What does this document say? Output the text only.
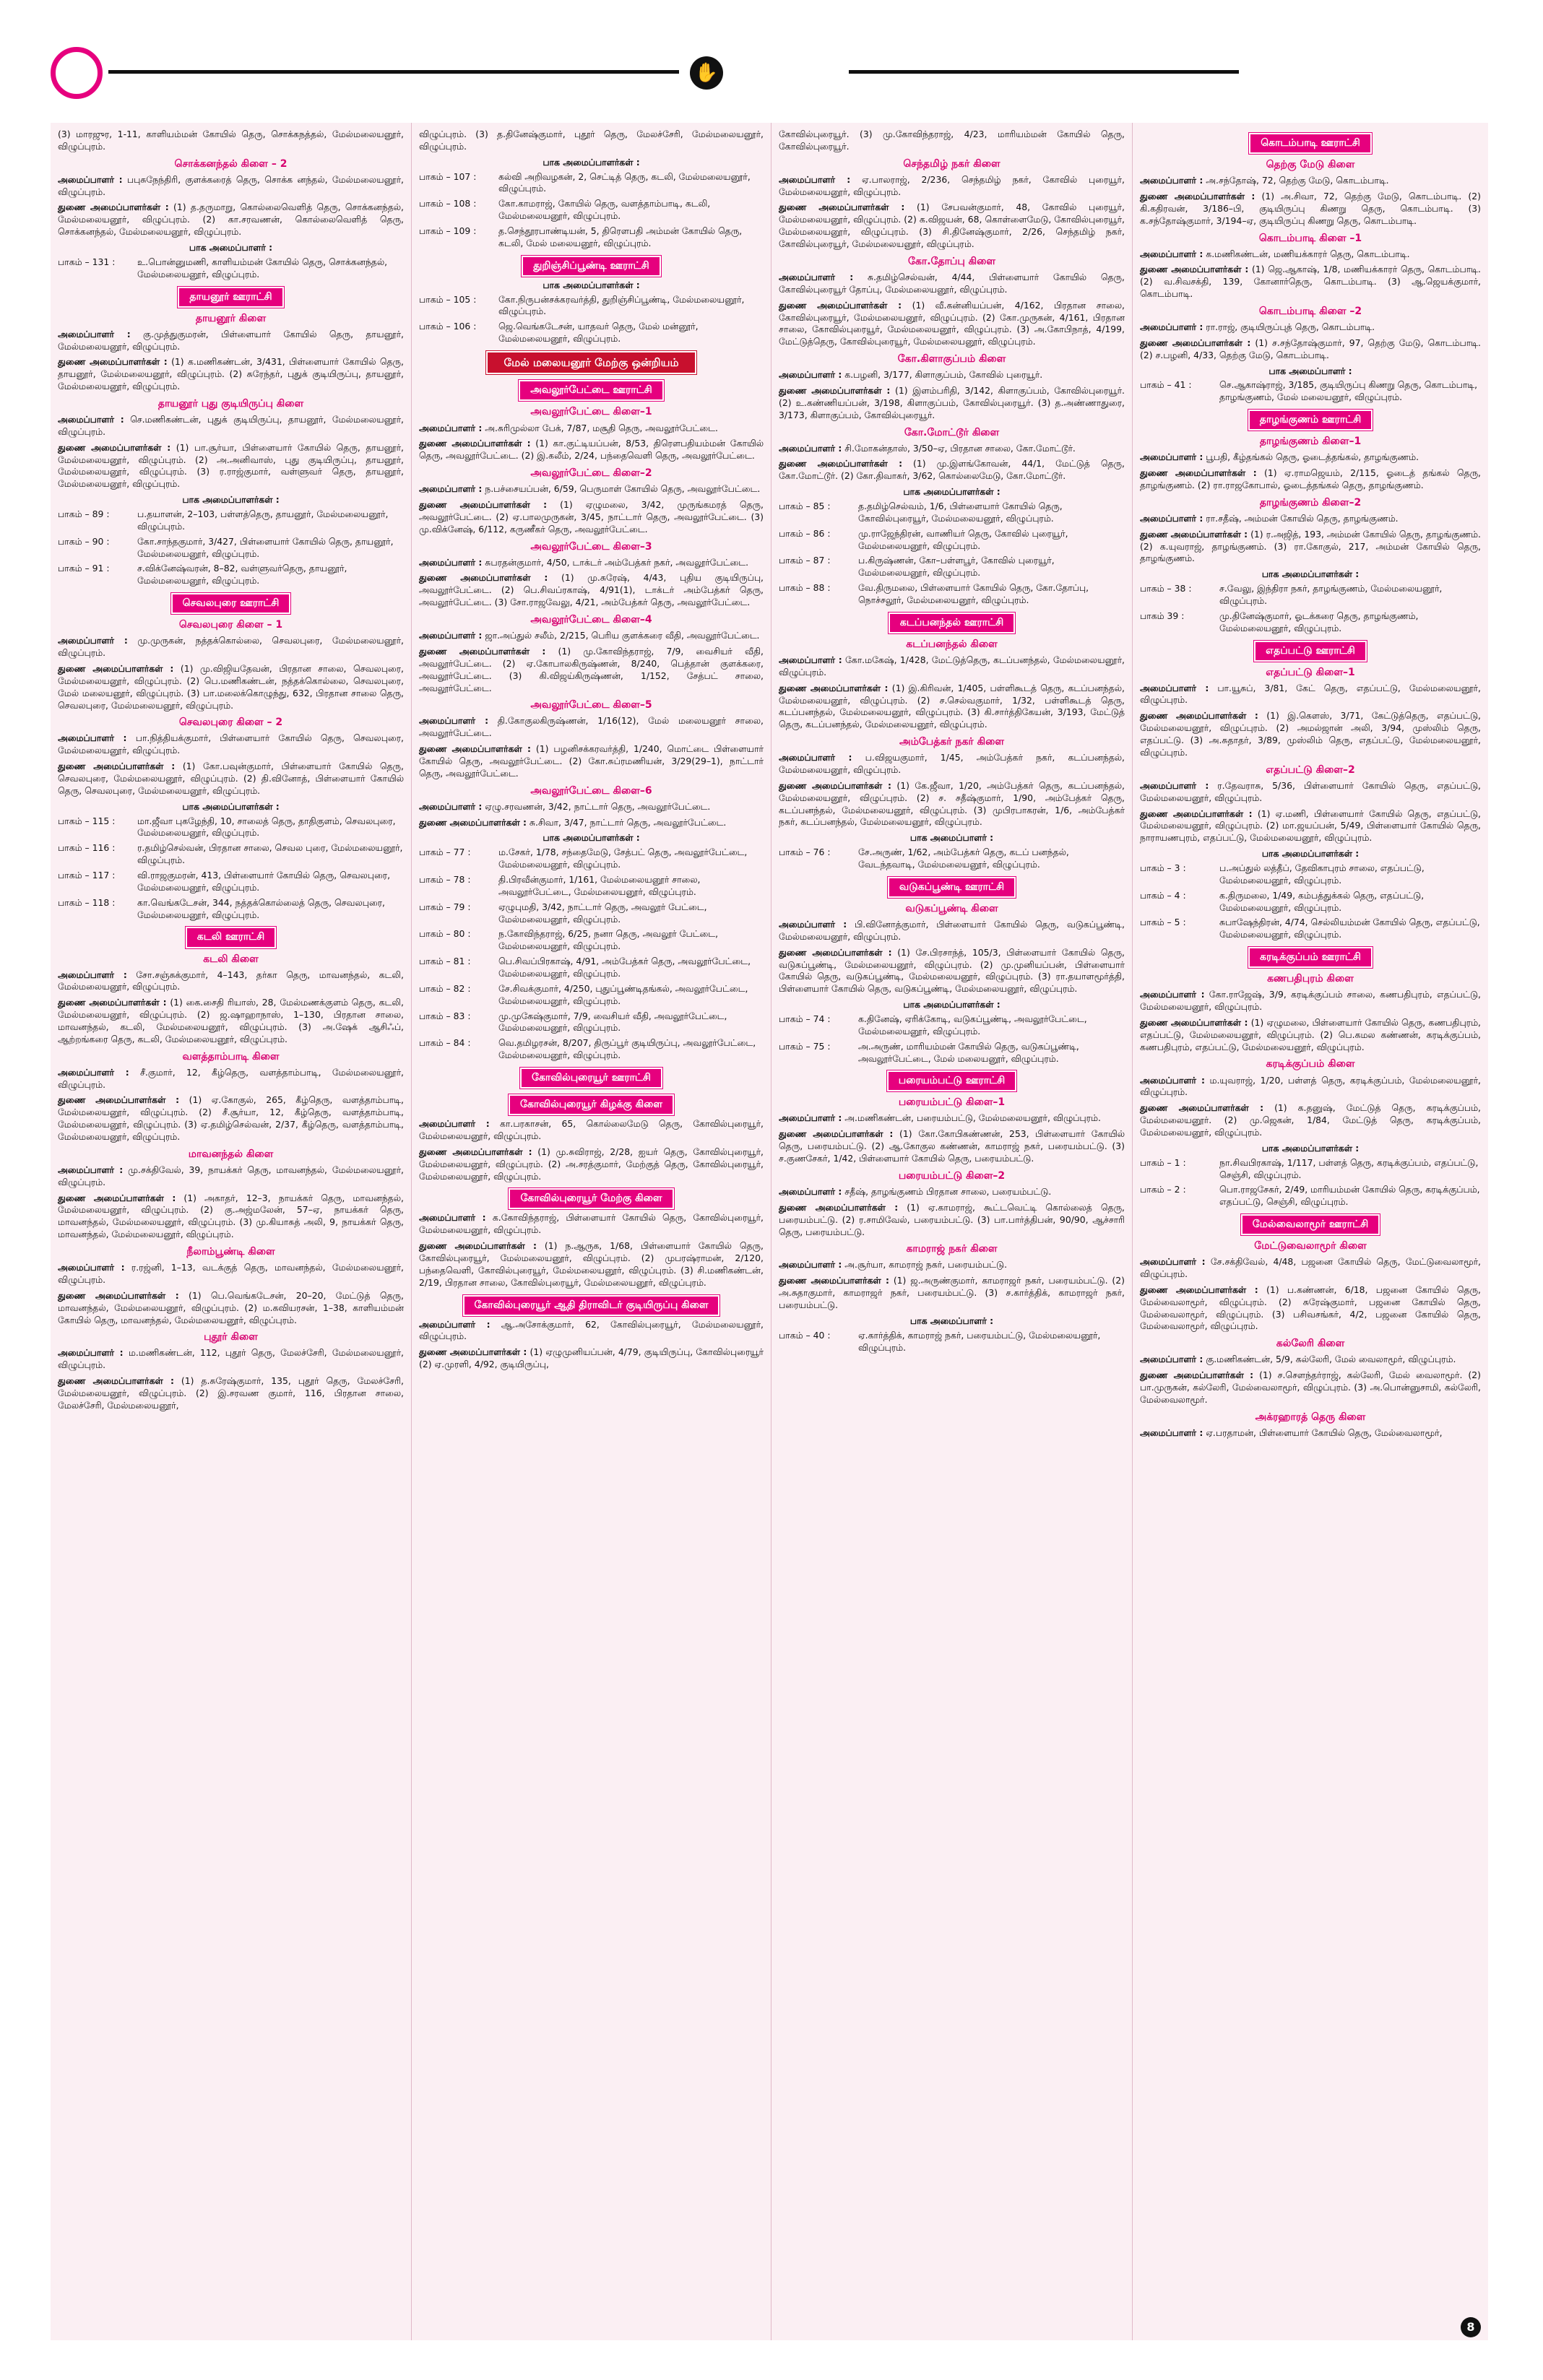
✋
(3) மாரஜுர, 1-11, காளியம்மன் கோயில் தெரு, சொக்கநத்தல், மேல்மலையனூர், விழுப்புரம்.
சொக்கனந்தல் கிளை – 2
அமைப்பாளர் : பபுசுநேந்திரி, குளக்கரைத் தெரு, சொக்க னந்தல், மேல்மலையனூர், விழுப்புரம்.
துணை அமைப்பாளர்கள் : (1) த.தருமாறு, கொல்லைவெளித் தெரு, சொக்கனந்தல், மேல்மலையனூர், விழுப்புரம். (2) கா.சரவணன், கொல்லைவெளித் தெரு, சொக்கனந்தல், மேல்மலையனூர், விழுப்புரம்.
பாக அமைப்பாளர் :
பாகம் – 131 :	உ.பொன்னுமணி, காளியம்மன் கோயில் தெரு, சொக்கனந்தல், மேல்மலையனூர், விழுப்புரம்.
தாயனூர் ஊராட்சி
தாயனூர் கிளை
அமைப்பாளர் : கு.முத்துகுமரன், பிள்ளையார் கோயில் தெரு, தாயனூர், மேல்மலையனூர், விழுப்புரம்.
துணை அமைப்பாளர்கள் : (1) க.மணிகண்டன், 3/431, பிள்ளையார் கோயில் தெரு, தாயனூர், மேல்மலையனூர், விழுப்புரம். (2) சுரேந்தர், புதுக் குடியிருப்பு, தாயனூர், மேல்மலையனூர், விழுப்புரம்.
தாயனூர் புது குடியிருப்பு கிளை
அமைப்பாளர் : செ.மணிகண்டன், புதுக் குடியிருப்பு, தாயனூர், மேல்மலையனூர், விழுப்புரம்.
துணை அமைப்பாளர்கள் : (1) பா.சூர்யா, பிள்ளையார் கோயில் தெரு, தாயனூர், மேல்மலையனூர், விழுப்புரம். (2) அ.அனிவாஸ், புது குடியிருப்பு, தாயனூர், மேல்மலையனூர், விழுப்புரம். (3) ர.ராஜ்குமார், வள்ளுவர் தெரு, தாயனூர், மேல்மலையனூர், விழுப்புரம்.
பாக அமைப்பாளர்கள் :
பாகம் – 89 :	ப.தயாளன், 2–103, பள்ளத்தெரு, தாயனூர், மேல்மலையனூர், விழுப்புரம்.
பாகம் – 90 :	கோ.சாந்தகுமார், 3/427, பிள்ளையார் கோயில் தெரு, தாயனூர், மேல்மலையனூர், விழுப்புரம்.
பாகம் – 91 :	ச.விக்னேஷ்வரன், 8–82, வள்ளுவர்தெரு, தாயனூர், மேல்மலையனூர், விழுப்புரம்.
செவலபுரை ஊராட்சி
செவலபுரை கிளை – 1
அமைப்பாளர் : மு.முருகன், நத்தக்கொல்லை, செவலபுரை, மேல்மலையனூர், விழுப்புரம்.
துணை அமைப்பாளர்கள் : (1) மு.விஜியதேவன், பிரதான சாலை, செவலபுரை, மேல்மலையனூர், விழுப்புரம். (2) பெ.மணிகண்டன், நத்தக்கொல்லை, செவலபுரை, மேல் மலையனூர், விழுப்புரம். (3) பா.மலைக்கொழுந்து, 632, பிரதான சாலை தெரு, செவலபுரை, மேல்மலையனூர், விழுப்புரம்.
செவலபுரை கிளை – 2
அமைப்பாளர் : பா.நித்தியக்குமார், பிள்ளையார் கோயில் தெரு, செவலபுரை, மேல்மலையனூர், விழுப்புரம்.
துணை அமைப்பாளர்கள் : (1) கோ.பவுன்குமார், பிள்ளையார் கோயில் தெரு, செவலபுரை, மேல்மலையனூர், விழுப்புரம். (2) தி.வினோத், பிள்ளையார் கோயில் தெரு, செவலபுரை, மேல்மலையனூர், விழுப்புரம்.
பாக அமைப்பாளர்கள் :
பாகம் – 115 :	மா.ஜீவா புகழேந்தி, 10, சாலைத் தெரு, தாதிகுளம், செவலபுரை, மேல்மலையனூர், விழுப்புரம்.
பாகம் – 116 :	ர.தமிழ்செல்வன், பிரதான சாலை, செவல புரை, மேல்மலையனூர், விழுப்புரம்.
பாகம் – 117 :	வி.ராஜகுமரன், 413, பிள்ளையார் கோயில் தெரு, செவலபுரை, மேல்மலையனூர், விழுப்புரம்.
பாகம் – 118 :	கா.வெங்கடேசன், 344, நத்தக்கொல்லைத் தெரு, செவலபுரை, மேல்மலையனூர், விழுப்புரம்.
கடலி ஊராட்சி
கடலி கிளை
அமைப்பாளர் : சோ.சஞ்சுக்குமார், 4–143, தர்கா தெரு, மாவனந்தல், கடலி, மேல்மலையனூர், விழுப்புரம்.
துணை அமைப்பாளர்கள் : (1) கை.சைதி ரியாஸ், 28, மேல்மணக்குளம் தெரு, கடலி, மேல்மலையனூர், விழுப்புரம். (2) ஜ.ஷாஹாநாஸ், 1–130, பிரதான சாலை, மாவனந்தல், கடலி, மேல்மலையனூர், விழுப்புரம். (3) அ.ஷேக் ஆசிஃப், ஆற்றங்கரை தெரு, கடலி, மேல்மலையனூர், விழுப்புரம்.
வளத்தாம்பாடி கிளை
அமைப்பாளர் : சீ.குமார், 12, கீழ்தெரு, வளத்தாம்பாடி, மேல்மலையனூர், விழுப்புரம்.
துணை அமைப்பாளர்கள் : (1) ஏ.கோகுல், 265, கீழ்தெரு, வளத்தாம்பாடி, மேல்மலையனூர், விழுப்புரம். (2) சீ.சூர்யா, 12, கீழ்தெரு, வளத்தாம்பாடி, மேல்மலையனூர், விழுப்புரம். (3) ஏ.தமிழ்செல்வன், 2/37, கீழ்தெரு, வளத்தாம்பாடி, மேல்மலையனூர், விழுப்புரம்.
மாவனந்தல் கிளை
அமைப்பாளர் : மு.சக்திவேல், 39, நாயக்கர் தெரு, மாவனந்தல், மேல்மலையனூர், விழுப்புரம்.
துணை அமைப்பாளர்கள் : (1) அகாதர், 12–3, நாயக்கர் தெரு, மாவனந்தல், மேல்மலையனூர், விழுப்புரம். (2) கு.அஜ்மலேன், 57–ஏ, நாயக்கர் தெரு, மாவனந்தல், மேல்மலையனூர், விழுப்புரம். (3) மு.கியாசுத் அலி, 9, நாயக்கர் தெரு, மாவனந்தல், மேல்மலையனூர், விழுப்புரம்.
நீலாம்பூண்டி கிளை
அமைப்பாளர் : ர.ரஜ்னி, 1–13, வடக்குத் தெரு, மாவனந்தல், மேல்மலையனூர், விழுப்புரம்.
துணை அமைப்பாளர்கள் : (1) பெ.வெங்கடேசன், 20–20, மேட்டுத் தெரு, மாவனந்தல், மேல்மலையனூர், விழுப்புரம். (2) ம.கவியரசன், 1–38, காளியம்மன் கோயில் தெரு, மாவனந்தல், மேல்மலையனூர், விழுப்புரம்.
புதூர் கிளை
அமைப்பாளர் : ம.மணிகண்டன், 112, புதூர் தெரு, மேலச்சேரி, மேல்மலையனூர், விழுப்புரம்.
துணை அமைப்பாளர்கள் : (1) த.சுரேஷ்குமார், 135, புதூர் தெரு, மேலச்சேரி, மேல்மலையனூர், விழுப்புரம். (2) இ.சரவண குமார், 116, பிரதான சாலை, மேலச்சேரி, மேல்மலையனூர்,
விழுப்புரம். (3) த.தினேஷ்குமார், புதூர் தெரு, மேலச்சேரி, மேல்மலையனூர், விழுப்புரம்.
பாக அமைப்பாளர்கள் :
பாகம் – 107 :	கல்வி அறிவழகன், 2, செட்டித் தெரு, கடலி, மேல்மலையனூர், விழுப்புரம்.
பாகம் – 108 :	கோ.காமராஜ், கோயில் தெரு, வளத்தாம்பாடி, கடலி, மேல்மலையனூர், விழுப்புரம்.
பாகம் – 109 :	த.செந்தூரபாண்டியன், 5, திரௌபதி அம்மன் கோயில் தெரு, கடலி, மேல் மலையனூர், விழுப்புரம்.
துறிஞ்சிப்பூண்டி ஊராட்சி
பாக அமைப்பாளர்கள் :
பாகம் – 105 :	கோ.நிருபன்சக்கரவர்த்தி, துறிஞ்சிப்பூண்டி, மேல்மலையனூர், விழுப்புரம்.
பாகம் – 106 :	ஜெ.வெங்கடேசன், யாதவர் தெரு, மேல் மன்னூர், மேல்மலையனூர், விழுப்புரம்.
மேல் மலையனூர் மேற்கு ஒன்றியம்
அவலூர்பேட்டை ஊராட்சி
அவலூர்பேட்டை கிளை–1
அமைப்பாளர் : அ.சுரிமுல்லா பேக், 7/87, மசூதி தெரு, அவலூர்பேட்டை.
துணை அமைப்பாளர்கள் : (1) கா.குட்டியப்பன், 8/53, திரௌபதியம்மன் கோயில் தெரு, அவலூர்பேட்டை. (2) இ.கலீம், 2/24, பந்தைவெளி தெரு, அவலூர்பேட்டை.
அவலூர்பேட்டை கிளை–2
அமைப்பாளர் : ந.பச்சையப்பன், 6/59, பெருமாள் கோயில் தெரு, அவலூர்பேட்டை.
துணை அமைப்பாளர்கள் : (1) ஏழுமலை, 3/42, முருங்கமரத் தெரு, அவலூர்பேட்டை. (2) ஏ.பாலமுருகன், 3/45, நாட்டார் தெரு, அவலூர்பேட்டை. (3) மு.விக்னேஷ், 6/112, கருணீகர் தெரு, அவலூர்பேட்டை.
அவலூர்பேட்டை கிளை–3
அமைப்பாளர் : சுபரதன்குமார், 4/50, டாக்டர் அம்பேத்கர் நகர், அவலூர்பேட்டை.
துணை அமைப்பாளர்கள் : (1) மு.சுரேஷ், 4/43, புதிய குடியிருப்பு, அவலூர்பேட்டை. (2) பெ.சிவப்ரகாஷ், 4/91(1), டாக்டர் அம்பேத்கர் தெரு, அவலூர்பேட்டை. (3) சோ.ராஜவேலு, 4/21, அம்பேத்கர் தெரு, அவலூர்பேட்டை.
அவலூர்பேட்டை கிளை–4
அமைப்பாளர் : ஜா.அப்துல் சலீம், 2/215, பெரிய குளக்கரை வீதி, அவலூர்பேட்டை.
துணை அமைப்பாளர்கள் : (1) மு.கோவிந்தராஜ், 7/9, வைசியர் வீதி, அவலூர்பேட்டை. (2) ஏ.கோபாலகிருஷ்ணன், 8/240, பெத்தான் குளக்கரை, அவலூர்பேட்டை. (3) கி.விஜய்கிருஷ்ணன், 1/152, சேத்பட் சாலை, அவலூர்பேட்டை.
அவலூர்பேட்டை கிளை–5
அமைப்பாளர் : தி.கோகுலகிருஷ்ணன், 1/16(12), மேல் மலையனூர் சாலை, அவலூர்பேட்டை.
துணை அமைப்பாளர்கள் : (1) பழனிசக்கரவர்த்தி, 1/240, மொட்டை பிள்ளையார் கோயில் தெரு, அவலூர்பேட்டை. (2) கோ.சுப்ரமணியன், 3/29(29–1), நாட்டார் தெரு, அவலூர்பேட்டை.
அவலூர்பேட்டை கிளை–6
அமைப்பாளர் : ஏழு.சரவணன், 3/42, நாட்டார் தெரு, அவலூர்பேட்டை.
துணை அமைப்பாளர்கள் : சு.சிவா, 3/47, நாட்டார் தெரு, அவலூர்பேட்டை.
பாக அமைப்பாளர்கள் :
பாகம் – 77 :	ம.சேகர், 1/78, சந்தைமேடு, சேத்பட் தெரு, அவலூர்பேட்டை, மேல்மலையனூர், விழுப்புரம்.
பாகம் – 78 :	தி.பிரவீன்குமார், 1/161, மேல்மலையனூர் சாலை, அவலூர்பேட்டை, மேல்மலையனூர், விழுப்புரம்.
பாகம் – 79 :	ஏழுபுமதி, 3/42, நாட்டார் தெரு, அவலூர் பேட்டை, மேல்மலையனூர், விழுப்புரம்.
பாகம் – 80 :	ந.கோவிந்தராஜ், 6/25, நனா தெரு, அவலூர் பேட்டை, மேல்மலையனூர், விழுப்புரம்.
பாகம் – 81 :	பெ.சிவப்பிரகாஷ், 4/91, அம்பேத்கர் தெரு, அவலூர்பேட்டை, மேல்மலையனூர், விழுப்புரம்.
பாகம் – 82 :	சே.சிவக்குமார், 4/250, புதுப்பூண்டிதங்கல், அவலூர்பேட்டை, மேல்மலையனூர், விழுப்புரம்.
பாகம் – 83 :	மு.முகேஷ்குமார், 7/9, வைசியர் வீதி, அவலூர்பேட்டை, மேல்மலையனூர், விழுப்புரம்.
பாகம் – 84 :	வெ.தமிழரசன், 8/207, திருப்பூர் குடியிருப்பு, அவலூர்பேட்டை, மேல்மலையனூர், விழுப்புரம்.
கோவில்புரையூர் ஊராட்சி
கோவில்புரையூர் கிழக்கு கிளை
அமைப்பாளர் : கா.பரகாசன், 65, கொல்லைமேடு தெரு, கோவில்புரையூர், மேல்மலையனூர், விழுப்புரம்.
துணை அமைப்பாளர்கள் : (1) மு.சுவிராஜ், 2/28, ஐயர் தெரு, கோவில்புரையூர், மேல்மலையனூர், விழுப்புரம். (2) அ.சரத்குமார், மேற்குத் தெரு, கோவில்புரையூர், மேல்மலையனூர், விழுப்புரம்.
கோவில்புரையூர் மேற்கு கிளை
அமைப்பாளர் : க.கோவிந்தராஜ், பிள்ளையார் கோயில் தெரு, கோவில்புரையூர், மேல்மலையனூர், விழுப்புரம்.
துணை அமைப்பாளர்கள் : (1) ந.ஆருக, 1/68, பிள்ளையார் கோயில் தெரு, கோவில்புரையூர், மேல்மலையனூர், விழுப்புரம். (2) முபரஷ்ராமன், 2/120, பந்தைவெளி, கோவில்புரையூர், மேல்மலையனூர், விழுப்புரம். (3) சி.மணிகண்டன், 2/19, பிரதான சாலை, கோவில்புரையூர், மேல்மலையனூர், விழுப்புரம்.
கோவில்புரையூர் ஆதி திராவிடர் குடியிருப்பு கிளை
அமைப்பாளர் : ஆ.அசோக்குமார், 62, கோவில்புரையூர், மேல்மலையனூர், விழுப்புரம்.
துணை அமைப்பாளர்கள் : (1) ஏழுமுனியப்பன், 4/79, குடியிருப்பு, கோவில்புரையூர் (2) ஏ.முரளி, 4/92, குடியிருப்பு,
கோவில்புரையூர். (3) மு.கோவிந்தராஜ், 4/23, மாரியம்மன் கோயில் தெரு, கோவில்புரையூர்.
செந்தமிழ் நகர் கிளை
அமைப்பாளர் : ஏ.பாலராஜ், 2/236, செந்தமிழ் நகர், கோவில் புரையூர், மேல்மலையனூர், விழுப்புரம்.
துணை அமைப்பாளர்கள் : (1) சேபவன்குமார், 48, கோவில் புரையூர், மேல்மலையனூர், விழுப்புரம். (2) க.விஜயன், 68, கொள்ளைமேடு, கோவில்புரையூர், மேல்மலையனூர், விழுப்புரம். (3) சி.தினேஷ்குமார், 2/26, செந்தமிழ் நகர், கோவில்புரையூர், மேல்மலையனூர், விழுப்புரம்.
கோ.தோப்பு கிளை
அமைப்பாளர் : சு.தமிழ்செல்வன், 4/44, பிள்ளையார் கோயில் தெரு, கோவில்புரையூர் தோப்பு, மேல்மலையனூர், விழுப்புரம்.
துணை அமைப்பாளர்கள் : (1) வீ.கன்னியப்பன், 4/162, பிரதான சாலை, கோவில்புரையூர், மேல்மலையனூர், விழுப்புரம். (2) கோ.முருகன், 4/161, பிரதான சாலை, கோவில்புரையூர், மேல்மலையனூர், விழுப்புரம். (3) அ.கோபிநாத், 4/199, மேட்டுத்தெரு, கோவில்புரையூர், மேல்மலையனூர், விழுப்புரம்.
கோ.கிளாகுப்பம் கிளை
அமைப்பாளர் : க.பழனி, 3/177, கிளாகுப்பம், கோவில் புரையூர்.
துணை அமைப்பாளர்கள் : (1) இளம்பரிதி, 3/142, கிளாகுப்பம், கோவில்புரையூர். (2) உ.கண்ணியப்பன், 3/198, கிளாகுப்பம், கோவில்புரையூர். (3) த.அண்ணாதுரை, 3/173, கிளாகுப்பம், கோவில்புரையூர்.
கோ.மோட்டூர் கிளை
அமைப்பாளர் : சி.மோகன்தாஸ், 3/50–ஏ, பிரதான சாலை, கோ.மோட்டூர்.
துணை அமைப்பாளர்கள் : (1) மு.இளங்கோவன், 44/1, மேட்டுத் தெரு, கோ.மோட்டூர். (2) கோ.திவாகர், 3/62, கொல்லைமேடு, கோ.மோட்டூர்.
பாக அமைப்பாளர்கள் :
பாகம் – 85 :	த.தமிழ்செல்வம், 1/6, பிள்ளையார் கோயில் தெரு, கோவில்புரையூர், மேல்மலையனூர், விழுப்புரம்.
பாகம் – 86 :	மு.ராஜேந்திரன், வாணியர் தெரு, கோவில் புரையூர், மேல்மலையனூர், விழுப்புரம்.
பாகம் – 87 :	ப.கிருஷ்ணன், கோ–பள்ளபூர், கோவில் புரையூர், மேல்மலையனூர், விழுப்புரம்.
பாகம் – 88 :	வே.திருமலை, பிள்ளையார் கோயில் தெரு, கோ.தோப்பு, நொச்சலூர், மேல்மலையனூர், விழுப்புரம்.
கடப்பனந்தல் ஊராட்சி
கடப்பனந்தல் கிளை
அமைப்பாளர் : கோ.மகேஷ், 1/428, மேட்டுத்தெரு, கடப்பனந்தல், மேல்மலையனூர், விழுப்புரம்.
துணை அமைப்பாளர்கள் : (1) இ.கிரிவன், 1/405, பள்ளிகூடத் தெரு, கடப்பனந்தல், மேல்மலையனூர், விழுப்புரம். (2) ச.செல்வகுமார், 1/32, பள்ளிகூடத் தெரு, கடப்பனந்தல், மேல்மலையனூர், விழுப்புரம். (3) கி.சார்த்திகேயன், 3/193, மேட்டுத் தெரு, கடப்பனந்தல், மேல்மலையனூர், விழுப்புரம்.
அம்பேத்கர் நகர் கிளை
அமைப்பாளர் : ப.விஜயகுமார், 1/45, அம்பேத்கர் நகர், கடப்பனந்தல், மேல்மலையனூர், விழுப்புரம்.
துணை அமைப்பாளர்கள் : (1) கே.ஜீவா, 1/20, அம்பேத்கர் தெரு, கடப்பனந்தல், மேல்மலையனூர், விழுப்புரம். (2) ச. சதீஷ்குமார், 1/90, அம்பேத்கர் தெரு, கடப்பனந்தல், மேல்மலையனூர், விழுப்புரம். (3) முபிரபாகரன், 1/6, அம்பேத்கர் நகர், கடப்பனந்தல், மேல்மலையனூர், விழுப்புரம்.
பாக அமைப்பாளர் :
பாகம் – 76 :	சே.அருண், 1/62, அம்பேத்கர் தெரு, கடப் பனந்தல், வேடந்தவாடி, மேல்மலையனூர், விழுப்புரம்.
வடுகப்பூண்டி ஊராட்சி
வடுகப்பூண்டி கிளை
அமைப்பாளர் : பி.வினோத்குமார், பிள்ளையார் கோயில் தெரு, வடுகப்பூண்டி, மேல்மலையனூர், விழுப்புரம்.
துணை அமைப்பாளர்கள் : (1) சே.பிரசாந்த், 105/3, பிள்ளையார் கோயில் தெரு, வடுகப்பூண்டி, மேல்மலையனூர், விழுப்புரம். (2) மு.முனியப்பன், பிள்ளையார் கோயில் தெரு, வடுகப்பூண்டி, மேல்மலையனூர், விழுப்புரம். (3) ரா.தயாளமூர்த்தி, பிள்ளையார் கோயில் தெரு, வடுகப்பூண்டி, மேல்மலையனூர், விழுப்புரம்.
பாக அமைப்பாளர்கள் :
பாகம் – 74 :	க.தினேஷ், ஏரிக்கோடி, வடுகப்பூண்டி, அவலூர்பேட்டை, மேல்மலையனூர், விழுப்புரம்.
பாகம் – 75 :	அ.அருண், மாரியம்மன் கோயில் தெரு, வடுகப்பூண்டி, அவலூர்பேட்டை, மேல் மலையனூர், விழுப்புரம்.
பரையம்பட்டு ஊராட்சி
பரையம்பட்டு கிளை–1
அமைப்பாளர் : அ.மணிகண்டன், பரையம்பட்டு, மேல்மலையனூர், விழுப்புரம்.
துணை அமைப்பாளர்கள் : (1) கோ.கோபிகண்ணன், 253, பிள்ளையார் கோயில் தெரு, பரையம்பட்டு. (2) ஆ.கோகுல கண்ணன், காமராஜ் நகர், பரையம்பட்டு. (3) ச.குணசேகர், 1/42, பிள்ளையார் கோயில் தெரு, பரையம்பட்டு.
பரையம்பட்டு கிளை–2
அமைப்பாளர் : சதீஷ், தாழங்குணம் பிரதான சாலை, பரையம்பட்டு.
துணை அமைப்பாளர்கள் : (1) ஏ.காமராஜ், கூட்டவெட்டி கொல்லைத் தெரு, பரையம்பட்டு. (2) ர.சாமிவேல், பரையம்பட்டு. (3) பா.பார்த்திபன், 90/90, ஆச்சாரி தெரு, பரையம்பட்டு.
காமராஜ் நகர் கிளை
அமைப்பாளர் : அ.சூர்யா, காமராஜ் நகர், பரையம்பட்டு.
துணை அமைப்பாளர்கள் : (1) ஜ.அருண்குமார், காமராஜர் நகர், பரையம்பட்டு. (2) அ.சுதாகுமார், காமராஜர் நகர், பரையம்பட்டு. (3) ச.கார்த்திக், காமராஜர் நகர், பரையம்பட்டு.
பாக அமைப்பாளர் :
பாகம் – 40 :	ஏ.கார்த்திக், காமராஜ் நகர், பரையம்பட்டு, மேல்மலையனூர், விழுப்புரம்.
கொடம்பாடி ஊராட்சி
தெற்கு மேடு கிளை
அமைப்பாளர் : அ.சந்தோஷ், 72, தெற்கு மேடு, கொடம்பாடி.
துணை அமைப்பாளர்கள் : (1) அ.சிவா, 72, தெற்கு மேடு, கொடம்பாடி. (2) கி.கதிரவன், 3/186–பி, குடியிருப்பு கிணறு தெரு, கொடம்பாடி. (3) க.சந்தோஷ்குமார், 3/194–ஏ, குடியிருப்பு கிணறு தெரு, கொடம்பாடி.
கொடம்பாடி கிளை –1
அமைப்பாளர் : க.மணிகண்டன், மணியக்காரர் தெரு, கொடம்பாடி.
துணை அமைப்பாளர்கள் : (1) ஜெ.ஆகாஷ், 1/8, மணியக்காரர் தெரு, கொடம்பாடி. (2) வ.சிவசக்தி, 139, கோனார்தெரு, கொடம்பாடி. (3) ஆ.ஜெயக்குமார், கொடம்பாடி.
கொடம்பாடி கிளை –2
அமைப்பாளர் : ரா.ராஜ், குடியிருப்புத் தெரு, கொடம்பாடி.
துணை அமைப்பாளர்கள் : (1) ச.சந்தோஷ்குமார், 97, தெற்கு மேடு, கொடம்பாடி. (2) ச.பழனி, 4/33, தெற்கு மேடு, கொடம்பாடி.
பாக அமைப்பாளர் :
பாகம் – 41 :	செ.ஆகாஷ்ராஜ், 3/185, குடியிருப்பு கிணறு தெரு, கொடம்பாடி, தாழங்குணம், மேல் மலையனூர், விழுப்புரம்.
தாழங்குணம் ஊராட்சி
தாழங்குணம் கிளை–1
அமைப்பாளர் : பூபதி, கீழ்தங்கல் தெரு, ஓடைத்தங்கல், தாழங்குணம்.
துணை அமைப்பாளர்கள் : (1) ஏ.ராமஜெயம், 2/115, ஓடைத் தங்கல் தெரு, தாழங்குணம். (2) ரா.ராஜகோபால், ஓடைத்தங்கல் தெரு, தாழங்குணம்.
தாழங்குணம் கிளை–2
அமைப்பாளர் : ரா.சதீஷ், அம்மன் கோயில் தெரு, தாழங்குணம்.
துணை அமைப்பாளர்கள் : (1) ர.அஜித், 193, அம்மன் கோயில் தெரு, தாழங்குணம். (2) க.யுவராஜ், தாழங்குணம். (3) ரா.கோகுல், 217, அம்மன் கோயில் தெரு, தாழங்குணம்.
பாக அமைப்பாளர்கள் :
பாகம் – 38 :	ச.வேலு, இந்திரா நகர், தாழங்குணம், மேல்மலையனூர், விழுப்புரம்.
பாகம் 39 :	மு.தினேஷ்குமார், ஓடக்கரை தெரு, தாழங்குணம், மேல்மலையனூர், விழுப்புரம்.
எதப்பட்டு ஊராட்சி
எதப்பட்டு கிளை–1
அமைப்பாளர் : பா.யூசுப், 3/81, கேட் தெரு, எதப்பட்டு, மேல்மலையனூர், விழுப்புரம்.
துணை அமைப்பாளர்கள் : (1) இ.கௌஸ், 3/71, கேட்டுத்தெரு, எதப்பட்டு, மேல்மலையனூர், விழுப்புரம். (2) அமல்ஜான் அலி, 3/94, முஸ்லிம் தெரு, எதப்பட்டு. (3) அ.சுதாதர், 3/89, முஸ்லிம் தெரு, எதப்பட்டு, மேல்மலையனூர், விழுப்புரம்.
எதப்பட்டு கிளை–2
அமைப்பாளர் : ர.தேவராசு, 5/36, பிள்ளையார் கோயில் தெரு, எதப்பட்டு, மேல்மலையனூர், விழுப்புரம்.
துணை அமைப்பாளர்கள் : (1) ஏ.மணி, பிள்ளையார் கோயில் தெரு, எதப்பட்டு, மேல்மலையனூர், விழுப்புரம். (2) மா.ஜயப்பன், 5/49, பிள்ளையார் கோயில் தெரு, நாராயணபுரம், எதப்பட்டு, மேல்மலையனூர், விழுப்புரம்.
பாக அமைப்பாளர்கள் :
பாகம் – 3 :	ப.அப்துல் லத்தீப், தேவிகாபுரம் சாலை, எதப்பட்டு, மேல்மலையனூர், விழுப்புரம்.
பாகம் – 4 :	க.திருமலை, 1/49, கம்பத்துக்கல் தெரு, எதப்பட்டு, மேல்மலையனூர், விழுப்புரம்.
பாகம் – 5 :	சுபாஷேந்திரன், 4/74, செல்லியம்மன் கோயில் தெரு, எதப்பட்டு, மேல்மலையனூர், விழுப்புரம்.
கரடிக்குப்பம் ஊராட்சி
கணபதிபுரம் கிளை
அமைப்பாளர் : கோ.ராஜேஷ், 3/9, கரடிக்குப்பம் சாலை, கணபதிபுரம், எதப்பட்டு, மேல்மலையனூர், விழுப்புரம்.
துணை அமைப்பாளர்கள் : (1) ஏழுமலை, பிள்ளையார் கோயில் தெரு, கணபதிபுரம், எதப்பட்டு, மேல்மலையனூர், விழுப்புரம். (2) பெ.கமல கண்ணன், கரடிக்குப்பம், கணபதிபுரம், எதப்பட்டு, மேல்மலையனூர், விழுப்புரம்.
கரடிக்குப்பம் கிளை
அமைப்பாளர் : ம.யுவராஜ், 1/20, பள்ளத் தெரு, கரடிக்குப்பம், மேல்மலையனூர், விழுப்புரம்.
துணை அமைப்பாளர்கள் : (1) க.தனுஷ், மேட்டுத் தெரு, கரடிக்குப்பம், மேல்மலையனூர். (2) மு.ஜெகன், 1/84, மேட்டுத் தெரு, கரடிக்குப்பம், மேல்மலையனூர், விழுப்புரம்.
பாக அமைப்பாளர்கள் :
பாகம் – 1 :	நா.சிவபிரகாஷ், 1/117, பள்ளத் தெரு, கரடிக்குப்பம், எதப்பட்டு, செஞ்சி, விழுப்புரம்.
பாகம் – 2 :	பொ.ராஜசேகர், 2/49, மாரியம்மன் கோயில் தெரு, கரடிக்குப்பம், எதப்பட்டு, செஞ்சி, விழுப்புரம்.
மேல்வைலாமூர் ஊராட்சி
மேட்டுவைலாமூர் கிளை
அமைப்பாளர் : சே.சக்திவேல், 4/48, பஜனை கோயில் தெரு, மேட்டுவைலாமூர், விழுப்புரம்.
துணை அமைப்பாளர்கள் : (1) ப.கண்ணன், 6/18, பஜனை கோயில் தெரு, மேல்வைலாமூர், விழுப்புரம். (2) சுரேஷ்குமார், பஜனை கோயில் தெரு, மேல்வைலாமூர், விழுப்புரம். (3) பசிவசங்கர், 4/2, பஜனை கோயில் தெரு, மேல்வைலாமூர், விழுப்புரம்.
கல்லேரி கிளை
அமைப்பாளர் : கு.மணிகண்டன், 5/9, கல்லேரி, மேல் வைலாமூர், விழுப்புரம்.
துணை அமைப்பாளர்கள் : (1) ச.சௌந்தர்ராஜ், கல்லேரி, மேல் வைலாமூர். (2) பா.முருகன், கல்லேரி, மேல்வைலாமூர், விழுப்புரம். (3) அ.பொன்னுசாமி, கல்லேரி, மேல்வைலாமூர்.
அக்ரஹாரத் தெரு கிளை
அமைப்பாளர் : ஏ.பரதாமன், பிள்ளையார் கோயில் தெரு, மேல்வைலாமூர்,
8
